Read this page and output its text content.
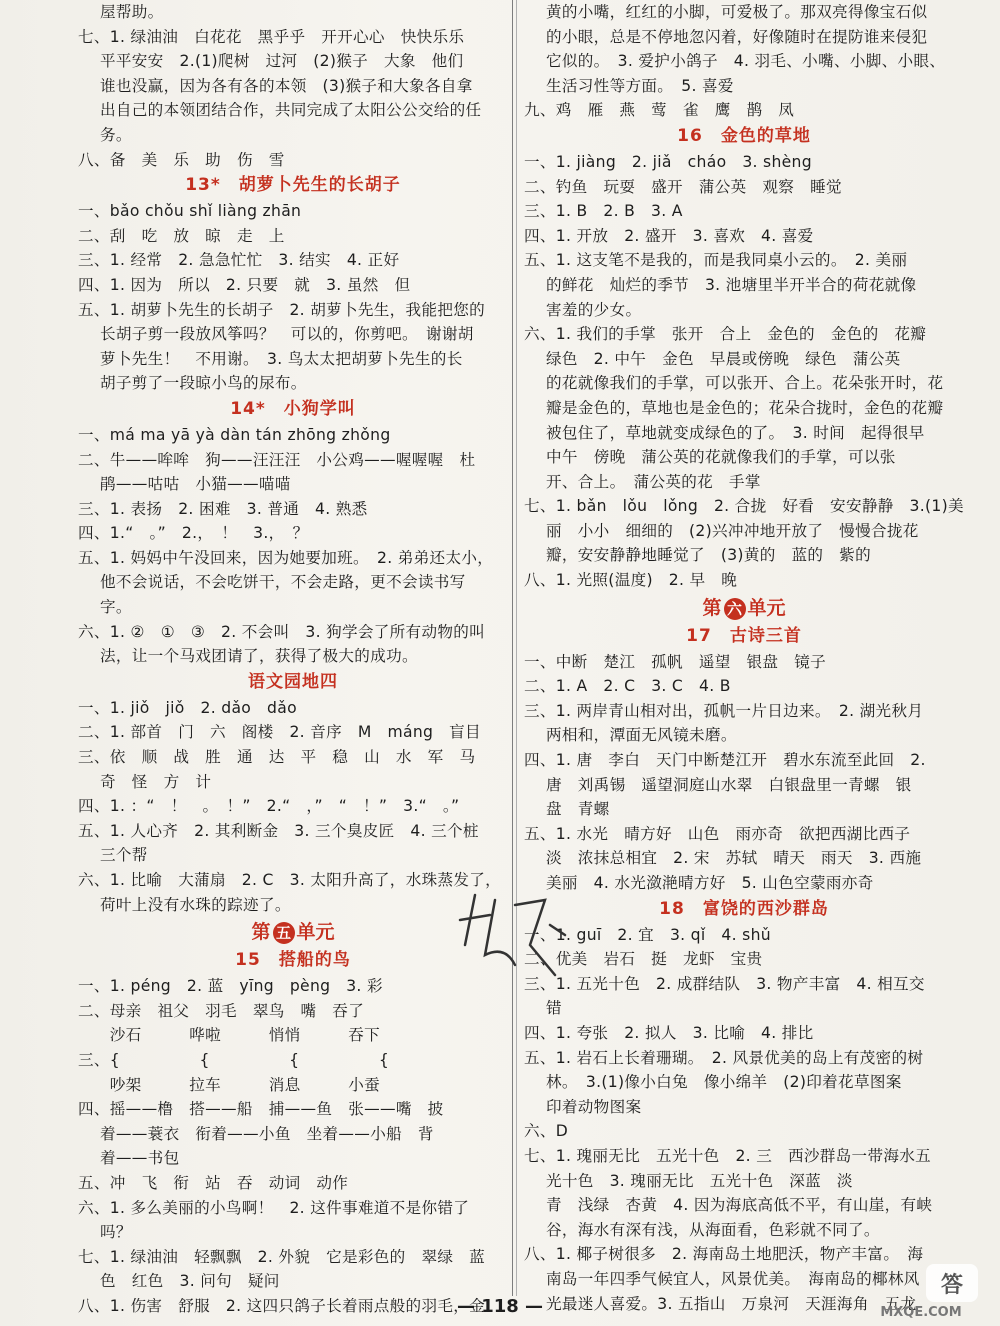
屋帮助。
七、1. 绿油油　白花花　黑乎乎　开开心心　快快乐乐
平平安安　2.(1)爬树　过河　(2)猴子　大象　他们
谁也没赢，因为各有各的本领　(3)猴子和大象各自拿
出自己的本领团结合作，共同完成了太阳公公交给的任
务。
八、备　美　乐　助　伤　雪
13*　胡萝卜先生的长胡子
一、bǎo chǒu shǐ liàng zhān
二、刮　吃　放　晾　走　上
三、1. 经常　2. 急急忙忙　3. 结实　4. 正好
四、1. 因为　所以　2. 只要　就　3. 虽然　但
五、1. 胡萝卜先生的长胡子　2. 胡萝卜先生，我能把您的
长胡子剪一段放风筝吗？　可以的，你剪吧。　谢谢胡
萝卜先生！　不用谢。　3. 鸟太太把胡萝卜先生的长
胡子剪了一段晾小鸟的尿布。
14*　小狗学叫
一、má ma yā yà dàn tán zhōng zhǒng
二、牛——哞哞　狗——汪汪汪　小公鸡——喔喔喔　杜
鹃——咕咕　小猫——喵喵
三、1. 表扬　2. 困难　3. 普通　4. 熟悉
四、1.“　。”　2.，　！　3.，　？
五、1. 妈妈中午没回来，因为她要加班。　2. 弟弟还太小，
他不会说话，不会吃饼干，不会走路，更不会读书写
字。
六、1. ②　①　③　2. 不会叫　3. 狗学会了所有动物的叫
法，让一个马戏团请了，获得了极大的成功。
语文园地四
一、1. jiǒ　jiǒ　2. dǎo　dǎo
二、1. 部首　门　六　阁楼　2. 音序　M　máng　盲目
三、依　顺　战　胜　通　达　平　稳　山　水　军　马
奇　怪　方　计
四、1. ：“　！　。　！”　2.“　，”　“　！”　3.“　。”
五、1. 人心齐　2. 其利断金　3. 三个臭皮匠　4. 三个桩
三个帮
六、1. 比喻　大蒲扇　2. C　3. 太阳升高了，水珠蒸发了，
荷叶上没有水珠的踪迹了。
第 五 单元
15　搭船的鸟
一、1. péng　2. 蓝　yīng　pèng　3. 彩
二、母亲　祖父　羽毛　翠鸟　嘴　吞了
　　沙石　　　哗啦　　　悄悄　　　吞下
三、{　　　　　{　　　　　{　　　　　{
　　吵架　　　拉车　　　消息　　　小蚕
四、摇——橹　搭——船　捕——鱼　张——嘴　披
着——蓑衣　衔着——小鱼　坐着——小船　背
着——书包
五、冲　飞　衔　站　吞　动词　动作
六、1. 多么美丽的小鸟啊！　2. 这件事难道不是你错了
吗？
七、1. 绿油油　轻飘飘　2. 外貌　它是彩色的　翠绿　蓝
色　红色　3. 问句　疑问
八、1. 伤害　舒服　2. 这四只鸽子长着雨点般的羽毛，金
黄的小嘴，红红的小脚，可爱极了。那双亮得像宝石似
的小眼，总是不停地忽闪着，好像随时在提防谁来侵犯
它似的。　3. 爱护小鸽子　4. 羽毛、小嘴、小脚、小眼、
生活习性等方面。　5. 喜爱
九、鸡　雁　燕　莺　雀　鹰　鹊　凤
16　金色的草地
一、1. jiàng　2. jiǎ　cháo　3. shèng
二、钓鱼　玩耍　盛开　蒲公英　观察　睡觉
三、1. B　2. B　3. A
四、1. 开放　2. 盛开　3. 喜欢　4. 喜爱
五、1. 这支笔不是我的，而是我同桌小云的。　2. 美丽
的鲜花　灿烂的季节　3. 池塘里半开半合的荷花就像
害羞的少女。
六、1. 我们的手掌　张开　合上　金色的　金色的　花瓣
绿色　2. 中午　金色　早晨或傍晚　绿色　蒲公英
的花就像我们的手掌，可以张开、合上。花朵张开时，花
瓣是金色的，草地也是金色的；花朵合拢时，金色的花瓣
被包住了，草地就变成绿色的了。　3. 时间　起得很早
中午　傍晚　蒲公英的花就像我们的手掌，可以张
开、合上。　蒲公英的花　手掌
七、1. bǎn　lǒu　lǒng　2. 合拢　好看　安安静静　3.(1)美
丽　小小　细细的　(2)兴冲冲地开放了　慢慢合拢花
瓣，安安静静地睡觉了　(3)黄的　蓝的　紫的
八、1. 光照(温度)　2. 早　晚
第 六 单元
17　古诗三首
一、中断　楚江　孤帆　遥望　银盘　镜子
二、1. A　2. C　3. C　4. B
三、1. 两岸青山相对出，孤帆一片日边来。　2. 湖光秋月
两相和，潭面无风镜未磨。
四、1. 唐　李白　天门中断楚江开　碧水东流至此回　2.
唐　刘禹锡　遥望洞庭山水翠　白银盘里一青螺　银
盘　青螺
五、1. 水光　晴方好　山色　雨亦奇　欲把西湖比西子
淡　浓抹总相宜　2. 宋　苏轼　晴天　雨天　3. 西施
美丽　4. 水光潋滟晴方好　5. 山色空蒙雨亦奇
18　富饶的西沙群岛
一、1. guī　2. 宜　3. qǐ　4. shǔ
二、优美　岩石　挺　龙虾　宝贵
三、1. 五光十色　2. 成群结队　3. 物产丰富　4. 相互交
错
四、1. 夸张　2. 拟人　3. 比喻　4. 排比
五、1. 岩石上长着珊瑚。　2. 风景优美的岛上有茂密的树
林。　3.(1)像小白兔　像小绵羊　(2)印着花草图案
印着动物图案
六、D
七、1. 瑰丽无比　五光十色　2. 三　西沙群岛一带海水五
光十色　3. 瑰丽无比　五光十色　深蓝　淡
青　浅绿　杏黄　4. 因为海底高低不平，有山崖，有峡
谷，海水有深有浅，从海面看，色彩就不同了。
八、1. 椰子树很多　2. 海南岛土地肥沃，物产丰富。　海
南岛一年四季气候宜人，风景优美。　海南岛的椰林风
光最迷人喜爱。3. 五指山　万泉河　天涯海角　五龙
— 118 —
答
MXQE.COM
